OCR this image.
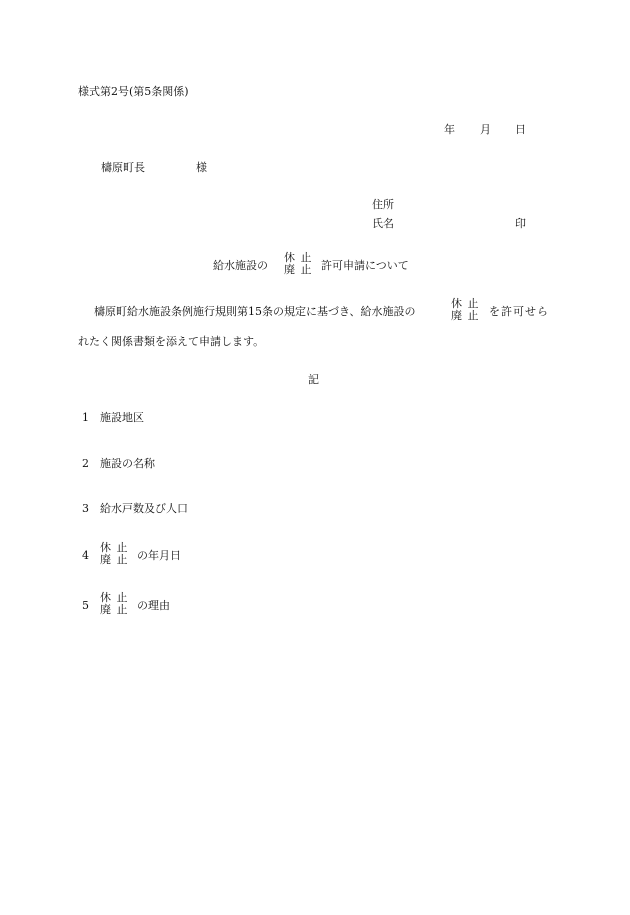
様式第2号(第5条関係)
年 月 日
檮原町長	様
住所
氏名	印
給水施設の
休 止
廃 止 許可申請について
檮原町給水施設条例施行規則第15条の規定に基づき、給水施設の
休 止
廃 止 を許可せら
れたく関係書類を添えて申請します。
記
1 施設地区
2 施設の名称
3 給水戸数及び人口
4
休 止
廃 止 の年月日
5
休 止
廃 止 の理由
